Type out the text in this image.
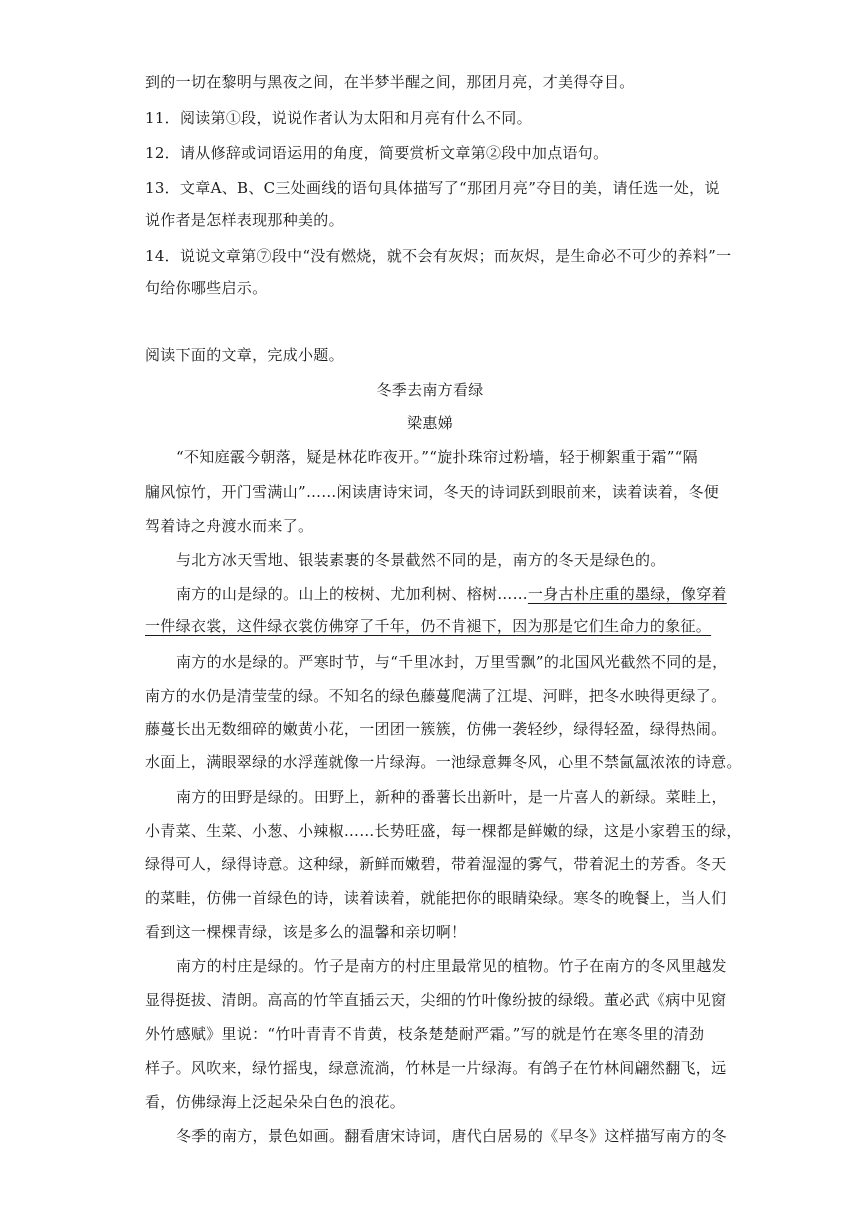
到的一切在黎明与黑夜之间，在半梦半醒之间，那团月亮，才美得夺目。
11．阅读第①段，说说作者认为太阳和月亮有什么不同。
12．请从修辞或词语运用的角度，简要赏析文章第②段中加点语句。
13．文章A、B、C三处画线的语句具体描写了“那团月亮”夺目的美，请任选一处，说
说作者是怎样表现那种美的。
14．说说文章第⑦段中“没有燃烧，就不会有灰烬；而灰烬，是生命必不可少的养料”一
句给你哪些启示。
阅读下面的文章，完成小题。
冬季去南方看绿
梁惠娣
“不知庭霰今朝落，疑是林花昨夜开。”“旋扑珠帘过粉墙，轻于柳絮重于霜”“隔
牖风惊竹，开门雪满山”……闲读唐诗宋词，冬天的诗词跃到眼前来，读着读着，冬便
驾着诗之舟渡水而来了。
与北方冰天雪地、银装素裹的冬景截然不同的是，南方的冬天是绿色的。
南方的山是绿的。山上的桉树、尤加利树、榕树……一身古朴庄重的墨绿，像穿着
一件绿衣裳，这件绿衣裳仿佛穿了千年，仍不肯褪下，因为那是它们生命力的象征。
南方的水是绿的。严寒时节，与“千里冰封，万里雪飘”的北国风光截然不同的是，
南方的水仍是清莹莹的绿。不知名的绿色藤蔓爬满了江堤、河畔，把冬水映得更绿了。
藤蔓长出无数细碎的嫩黄小花，一团团一簇簇，仿佛一袭轻纱，绿得轻盈，绿得热闹。
水面上，满眼翠绿的水浮莲就像一片绿海。一池绿意舞冬风，心里不禁氤氲浓浓的诗意。
南方的田野是绿的。田野上，新种的番薯长出新叶，是一片喜人的新绿。菜畦上，
小青菜、生菜、小葱、小辣椒……长势旺盛，每一棵都是鲜嫩的绿，这是小家碧玉的绿，
绿得可人，绿得诗意。这种绿，新鲜而嫩碧，带着湿湿的雾气，带着泥土的芳香。冬天
的菜畦，仿佛一首绿色的诗，读着读着，就能把你的眼睛染绿。寒冬的晚餐上，当人们
看到这一棵棵青绿，该是多么的温馨和亲切啊！
南方的村庄是绿的。竹子是南方的村庄里最常见的植物。竹子在南方的冬风里越发
显得挺拔、清朗。高高的竹竿直插云天，尖细的竹叶像纷披的绿缎。董必武《病中见窗
外竹感赋》里说：“竹叶青青不肯黄，枝条楚楚耐严霜。”写的就是竹在寒冬里的清劲
样子。风吹来，绿竹摇曳，绿意流淌，竹林是一片绿海。有鸽子在竹林间翩然翻飞，远
看，仿佛绿海上泛起朵朵白色的浪花。
冬季的南方，景色如画。翻看唐宋诗词，唐代白居易的《早冬》这样描写南方的冬
